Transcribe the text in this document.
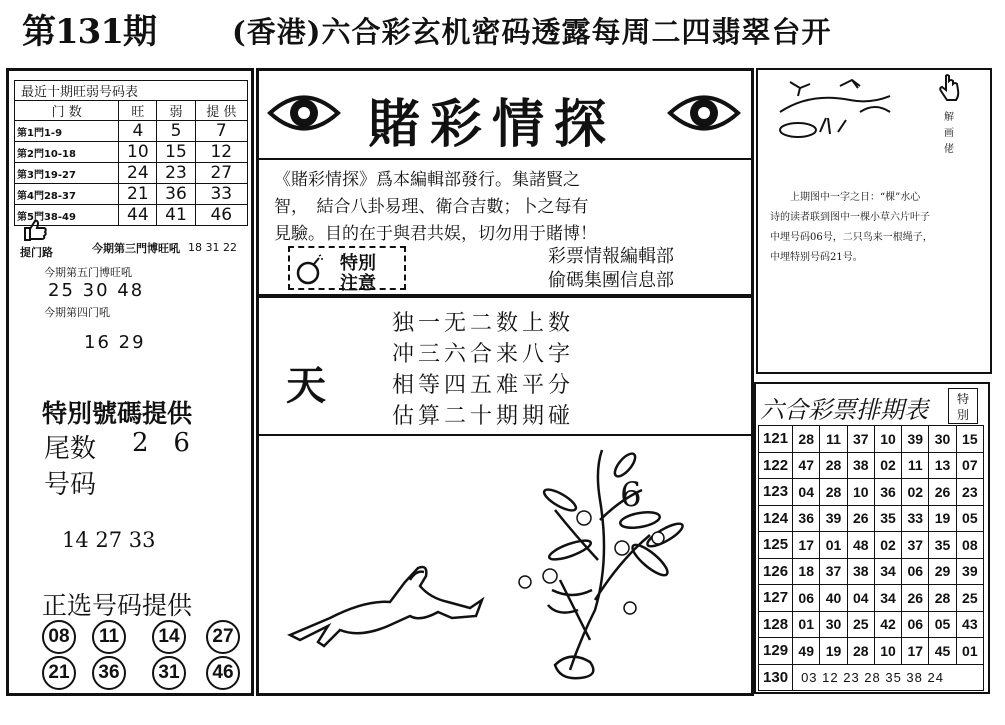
第131期	(香港)六合彩玄机密码透露每周二四翡翠台开
最近十期旺弱号码表			
门 数	旺	弱	提 供
第1門1-9	4	5	7
第2門10-18	10	15	12
第3門19-27	24	23	27
第4門28-37	21	36	33
第5門38-49	44	41	46
提门路	今期第三門博旺吼 18 31 22
今期第五门博旺吼
25 30 48
今期第四门吼
16 29
特別號碼提供
尾数 2   6
号码
14 27 33
正选号码提供
08	11	14	27
21	36	31	46
賭彩情探
《賭彩情探》爲本編輯部發行。集諸賢之
智，　結合八卦易理、衛合吉數；卜之每有
見驗。目的在于與君共娱，切勿用于賭博！
特別
注意
彩票情報編輯部
偷碼集團信息部
天
独一无二数上数
冲三六合来八字
相等四五难平分
估算二十期期碰
6
解 画 佬
上期图中一字之日：“棵”水心
诗的读者联到图中一棵小草六片叶子
中埋号码06号，二只鸟来一根绳子，
中埋特别号码21号。
六合彩票排期表 特別
121	28	11	37	10	39	30	15
122	47	28	38	02	11	13	07
123	04	28	10	36	02	26	23
124	36	39	26	35	33	19	05
125	17	01	48	02	37	35	08
126	18	37	38	34	06	29	39
127	06	40	04	34	26	28	25
128	01	30	25	42	06	05	43
129	49	19	28	10	17	45	01
130	03 12 23 28 35 38 24						
